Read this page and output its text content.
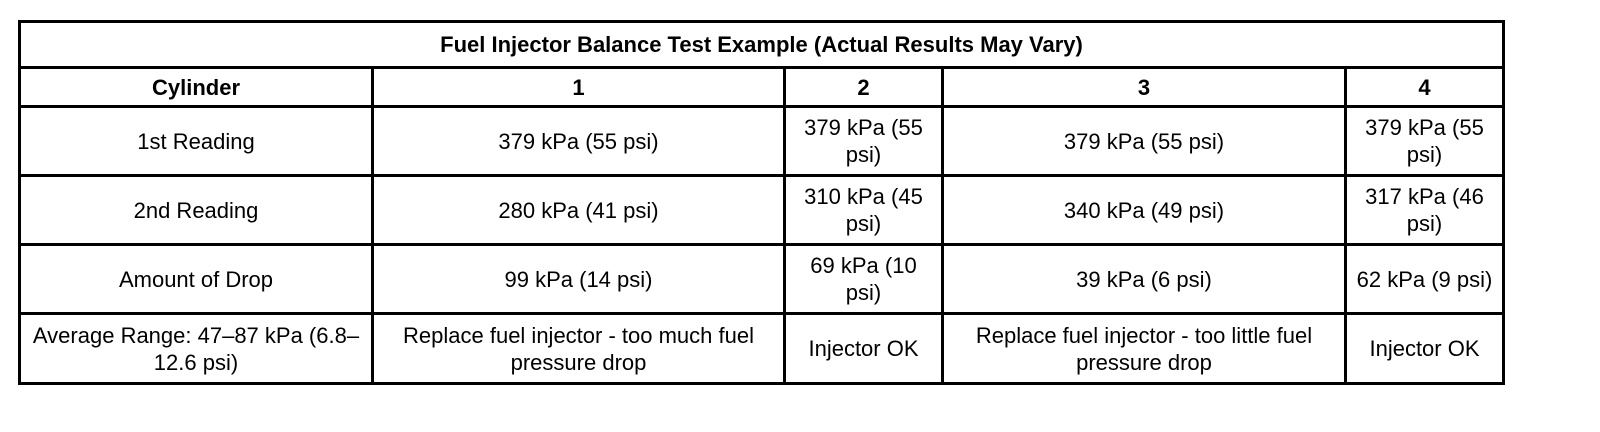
Fuel Injector Balance Test Example (Actual Results May Vary)				
Cylinder	1	2	3	4
1st Reading	379 kPa (55 psi)	379 kPa (55 psi)	379 kPa (55 psi)	379 kPa (55 psi)
2nd Reading	280 kPa (41 psi)	310 kPa (45 psi)	340 kPa (49 psi)	317 kPa (46 psi)
Amount of Drop	99 kPa (14 psi)	69 kPa (10 psi)	39 kPa (6 psi)	62 kPa (9 psi)
Average Range: 47–87 kPa (6.8–12.6 psi)	Replace fuel injector - too much fuel pressure drop	Injector OK	Replace fuel injector - too little fuel pressure drop	Injector OK
